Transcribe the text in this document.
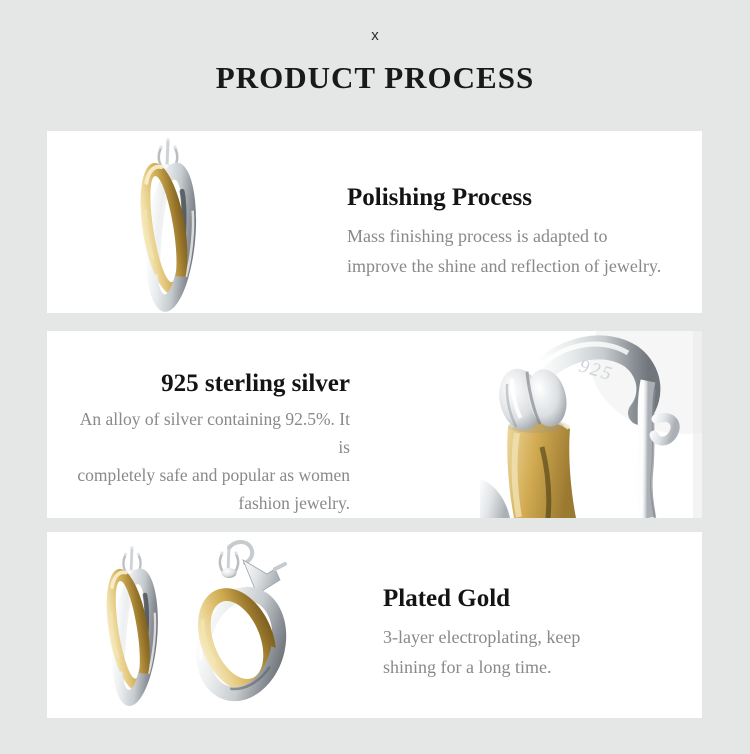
x
PRODUCT PROCESS
Polishing Process

Mass finishing process is adapted to
improve the shine and reflection of jewelry.

925 sterling silver

An alloy of silver containing 92.5%. It is
completely safe and popular as women
fashion jewelry.

925
Plated Gold

3-layer electroplating, keep
shining for a long time.
